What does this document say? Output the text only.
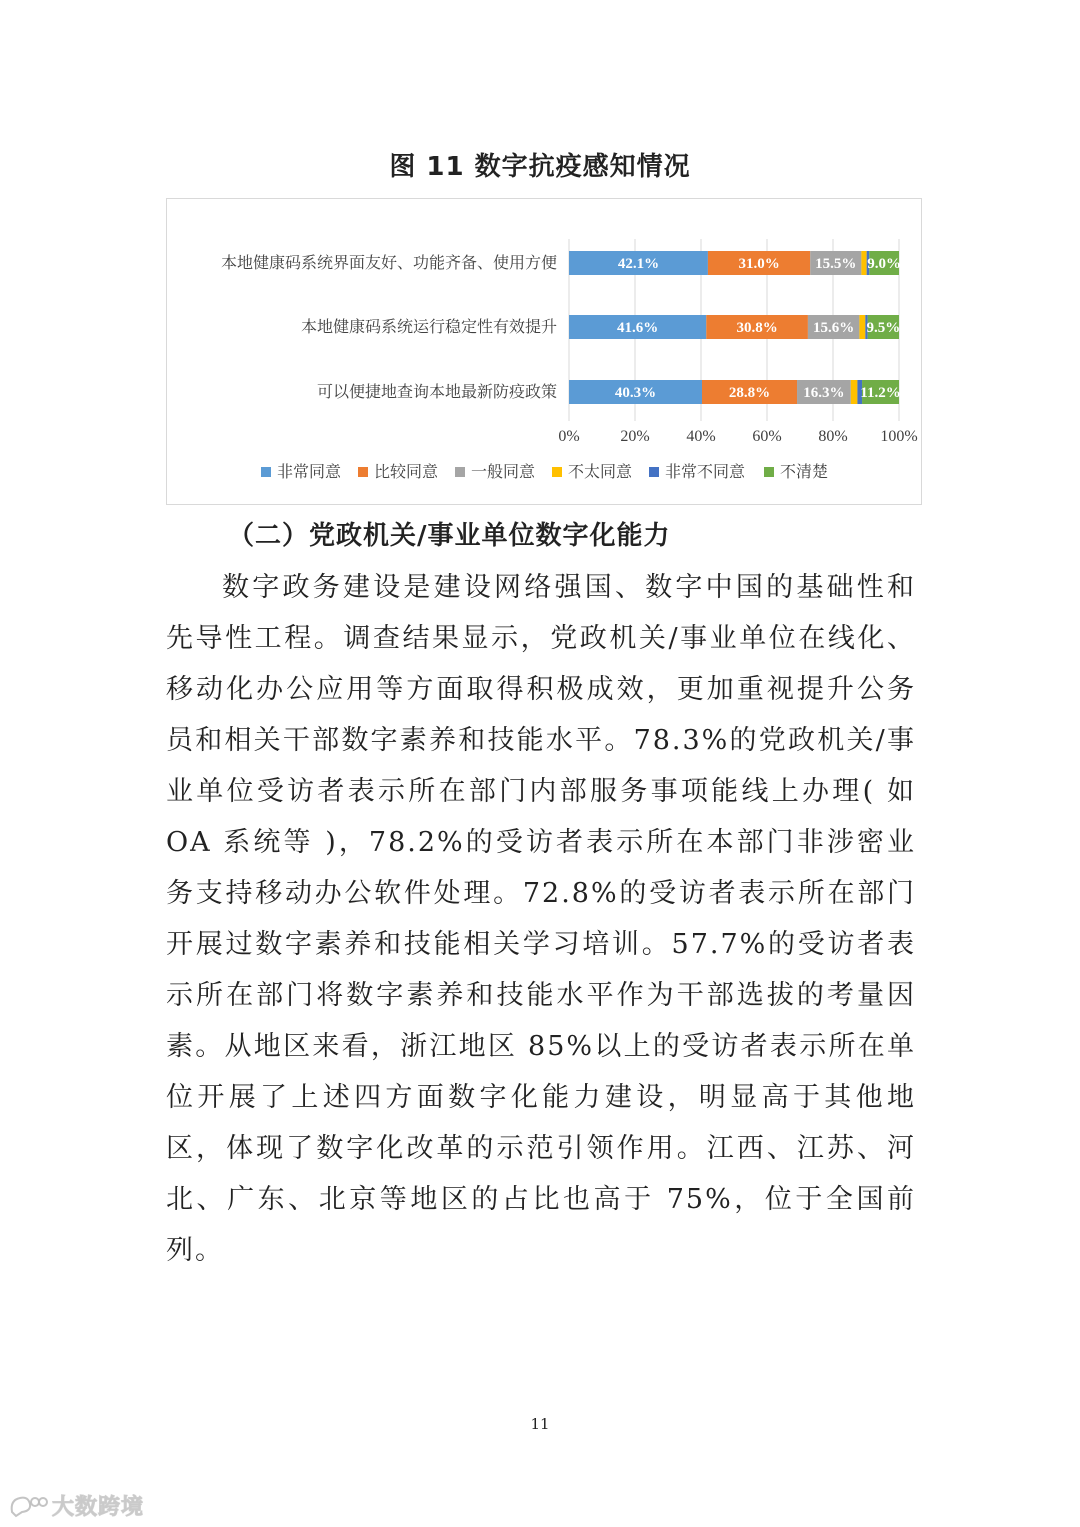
图 11 数字抗疫感知情况
本地健康码系统界面友好、功能齐备、使用方便
本地健康码系统运行稳定性有效提升
可以便捷地查询本地最新防疫政策
42.1%	31.0% 15.5% 9.0%
41.6%	30.8% 15.6% 9.5%
40.3%	28.8% 16.3% 11.2%
0%	20% 40% 60% 80% 100%
非常同意 比较同意 一般同意 不太同意 非常不同意 不清楚
（二）党政机关/事业单位数字化能力

数字政务建设是建设网络强国、数字中国的基础性和先导性工程。调查结果显示，党政机关/事业单位在线化、移动化办公应用等方面取得积极成效，更加重视提升公务员和相关干部数字素养和技能水平。78.3%的党政机关/事业单位受访者表示所在部门内部服务事项能线上办理( 如 OA 系统等 )，78.2%的受访者表示所在本部门非涉密业务支持移动办公软件处理。72.8%的受访者表示所在部门开展过数字素养和技能相关学习培训。57.7%的受访者表示所在部门将数字素养和技能水平作为干部选拔的考量因素。从地区来看，浙江地区 85%以上的受访者表示所在单位开展了上述四方面数字化能力建设，明显高于其他地区，体现了数字化改革的示范引领作用。江西、江苏、河北、广东、北京等地区的占比也高于 75%，位于全国前列。

11
大数跨境
